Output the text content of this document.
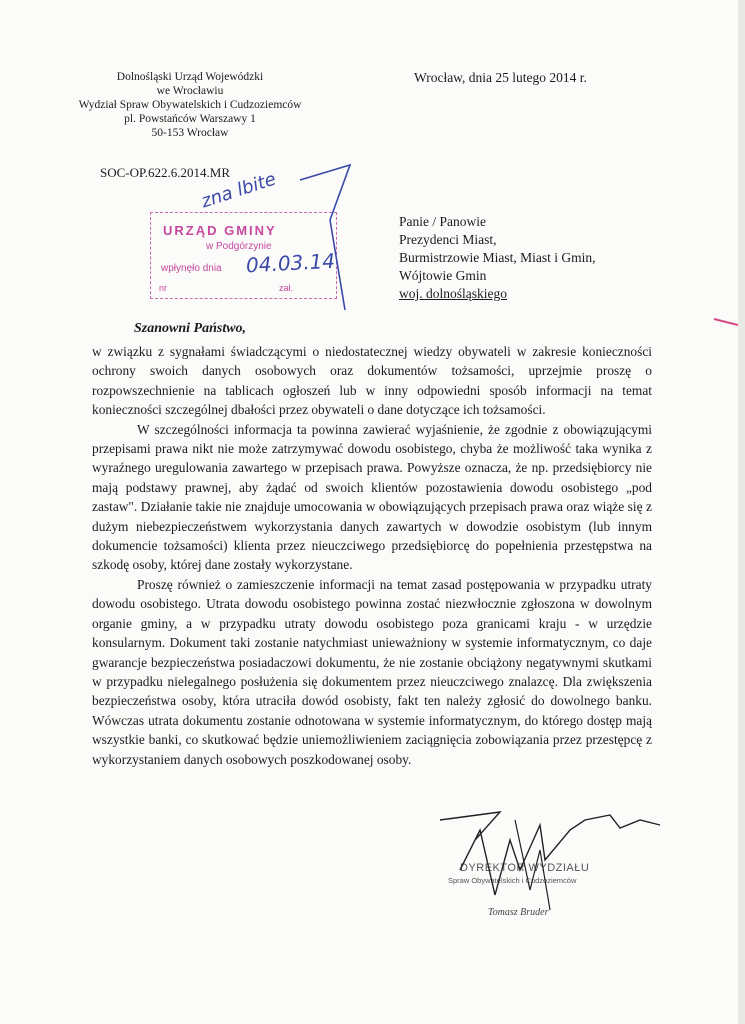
Dolnośląski Urząd Wojewódzki
we Wrocławiu
Wydział Spraw Obywatelskich i Cudzoziemców
pl. Powstańców Warszawy 1
50-153 Wrocław
Wrocław, dnia 25 lutego 2014 r.
SOC-OP.622.6.2014.MR
zna lbite
URZĄD GMINY
w Podgórzynie
wpłynęło dnia 04.03.14
nr	zał.
Panie / Panowie
Prezydenci Miast,
Burmistrzowie Miast, Miast i Gmin,
Wójtowie Gmin
woj. dolnośląskiego
Szanowni Państwo,

w związku z sygnałami świadczącymi o niedostatecznej wiedzy obywateli w zakresie konieczności ochrony swoich danych osobowych oraz dokumentów tożsamości, uprzejmie proszę o rozpowszechnienie na tablicach ogłoszeń lub w inny odpowiedni sposób informacji na temat konieczności szczególnej dbałości przez obywateli o dane dotyczące ich tożsamości.

W szczególności informacja ta powinna zawierać wyjaśnienie, że zgodnie z obowiązującymi przepisami prawa nikt nie może zatrzymywać dowodu osobistego, chyba że możliwość taka wynika z wyraźnego uregulowania zawartego w przepisach prawa. Powyższe oznacza, że np. przedsiębiorcy nie mają podstawy prawnej, aby żądać od swoich klientów pozostawienia dowodu osobistego „pod zastaw". Działanie takie nie znajduje umocowania w obowiązujących przepisach prawa oraz wiąże się z dużym niebezpieczeństwem wykorzystania danych zawartych w dowodzie osobistym (lub innym dokumencie tożsamości) klienta przez nieuczciwego przedsiębiorcę do popełnienia przestępstwa na szkodę osoby, której dane zostały wykorzystane.

Proszę również o zamieszczenie informacji na temat zasad postępowania w przypadku utraty dowodu osobistego. Utrata dowodu osobistego powinna zostać niezwłocznie zgłoszona w dowolnym organie gminy, a w przypadku utraty dowodu osobistego poza granicami kraju - w urzędzie konsularnym. Dokument taki zostanie natychmiast unieważniony w systemie informatycznym, co daje gwarancje bezpieczeństwa posiadaczowi dokumentu, że nie zostanie obciążony negatywnymi skutkami w przypadku nielegalnego posłużenia się dokumentem przez nieuczciwego znalazcę. Dla zwiększenia bezpieczeństwa osoby, która utraciła dowód osobisty, fakt ten należy zgłosić do dowolnego banku. Wówczas utrata dokumentu zostanie odnotowana w systemie informatycznym, do którego dostęp mają wszystkie banki, co skutkować będzie uniemożliwieniem zaciągnięcia zobowiązania przez przestępcę z wykorzystaniem danych osobowych poszkodowanej osoby.

DYREKTOR WYDZIAŁU
Spraw Obywatelskich i Cudzoziemców
Tomasz Bruder
